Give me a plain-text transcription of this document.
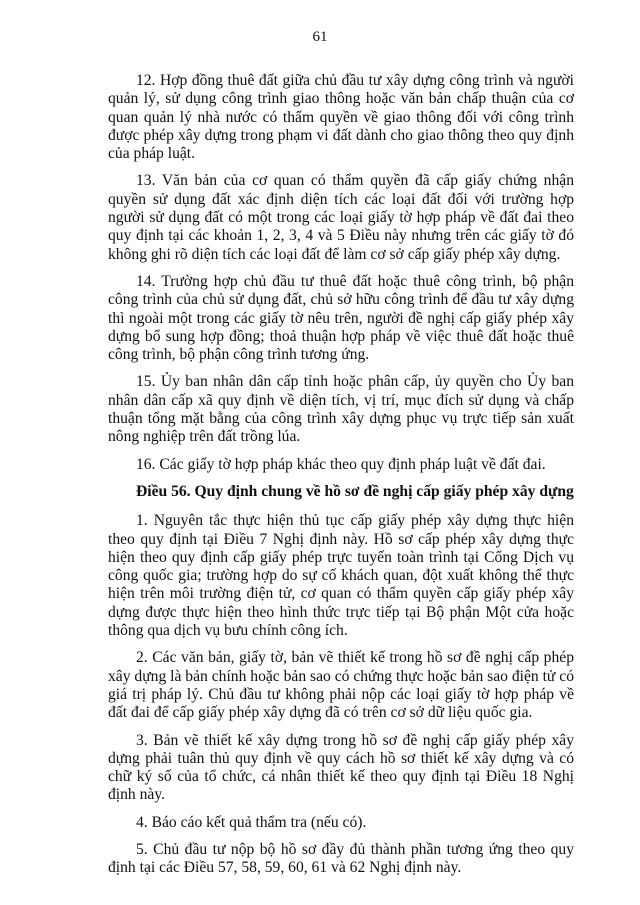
61

12. Hợp đồng thuê đất giữa chủ đầu tư xây dựng công trình và người quản lý, sử dụng công trình giao thông hoặc văn bản chấp thuận của cơ quan quản lý nhà nước có thẩm quyền về giao thông đối với công trình được phép xây dựng trong phạm vi đất dành cho giao thông theo quy định của pháp luật.

13. Văn bản của cơ quan có thẩm quyền đã cấp giấy chứng nhận quyền sử dụng đất xác định diện tích các loại đất đối với trường hợp người sử dụng đất có một trong các loại giấy tờ hợp pháp về đất đai theo quy định tại các khoản 1, 2, 3, 4 và 5 Điều này nhưng trên các giấy tờ đó không ghi rõ diện tích các loại đất để làm cơ sở cấp giấy phép xây dựng.

14. Trường hợp chủ đầu tư thuê đất hoặc thuê công trình, bộ phận công trình của chủ sử dụng đất, chủ sở hữu công trình để đầu tư xây dựng thì ngoài một trong các giấy tờ nêu trên, người đề nghị cấp giấy phép xây dựng bổ sung hợp đồng; thoả thuận hợp pháp về việc thuê đất hoặc thuê công trình, bộ phận công trình tương ứng.

15. Ủy ban nhân dân cấp tỉnh hoặc phân cấp, ủy quyền cho Ủy ban nhân dân cấp xã quy định về diện tích, vị trí, mục đích sử dụng và chấp thuận tổng mặt bằng của công trình xây dựng phục vụ trực tiếp sản xuất nông nghiệp trên đất trồng lúa.

16. Các giấy tờ hợp pháp khác theo quy định pháp luật về đất đai.

Điều 56. Quy định chung về hồ sơ đề nghị cấp giấy phép xây dựng

1. Nguyên tắc thực hiện thủ tục cấp giấy phép xây dựng thực hiện theo quy định tại Điều 7 Nghị định này. Hồ sơ cấp phép xây dựng thực hiện theo quy định cấp giấy phép trực tuyến toàn trình tại Cổng Dịch vụ công quốc gia; trường hợp do sự cố khách quan, đột xuất không thể thực hiện trên môi trường điện tử, cơ quan có thẩm quyền cấp giấy phép xây dựng được thực hiện theo hình thức trực tiếp tại Bộ phận Một cửa hoặc thông qua dịch vụ bưu chính công ích.

2. Các văn bản, giấy tờ, bản vẽ thiết kế trong hồ sơ đề nghị cấp phép xây dựng là bản chính hoặc bản sao có chứng thực hoặc bản sao điện tử có giá trị pháp lý. Chủ đầu tư không phải nộp các loại giấy tờ hợp pháp về đất đai để cấp giấy phép xây dựng đã có trên cơ sở dữ liệu quốc gia.

3. Bản vẽ thiết kế xây dựng trong hồ sơ đề nghị cấp giấy phép xây dựng phải tuân thủ quy định về quy cách hồ sơ thiết kế xây dựng và có chữ ký số của tổ chức, cá nhân thiết kế theo quy định tại Điều 18 Nghị định này.

4. Báo cáo kết quả thẩm tra (nếu có).

5. Chủ đầu tư nộp bộ hồ sơ đầy đủ thành phần tương ứng theo quy định tại các Điều 57, 58, 59, 60, 61 và 62 Nghị định này.
